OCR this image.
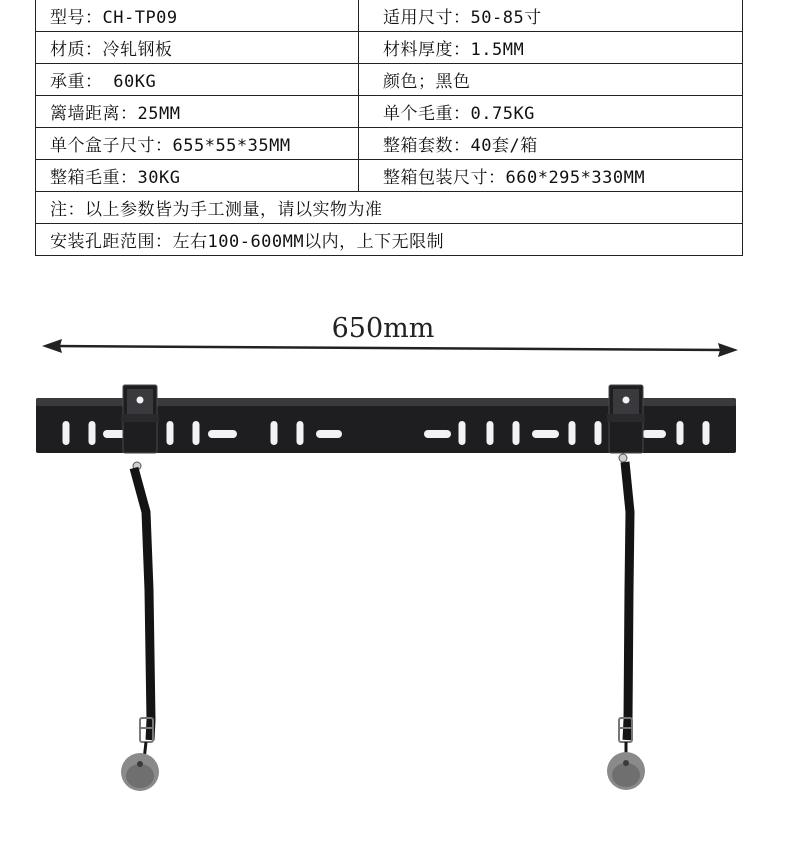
型号：CH-TP09	适用尺寸：50-85寸
材质：冷轧钢板	材料厚度：1.5MM
承重： 60KG	颜色；黑色
篱墙距离：25MM	单个毛重：0.75KG
单个盒子尺寸：655*55*35MM	整箱套数：40套/箱
整箱毛重：30KG	整箱包装尺寸：660*295*330MM
注：以上参数皆为手工测量，请以实物为准	
安装孔距范围：左右100-600MM以内，上下无限制	
650mm
